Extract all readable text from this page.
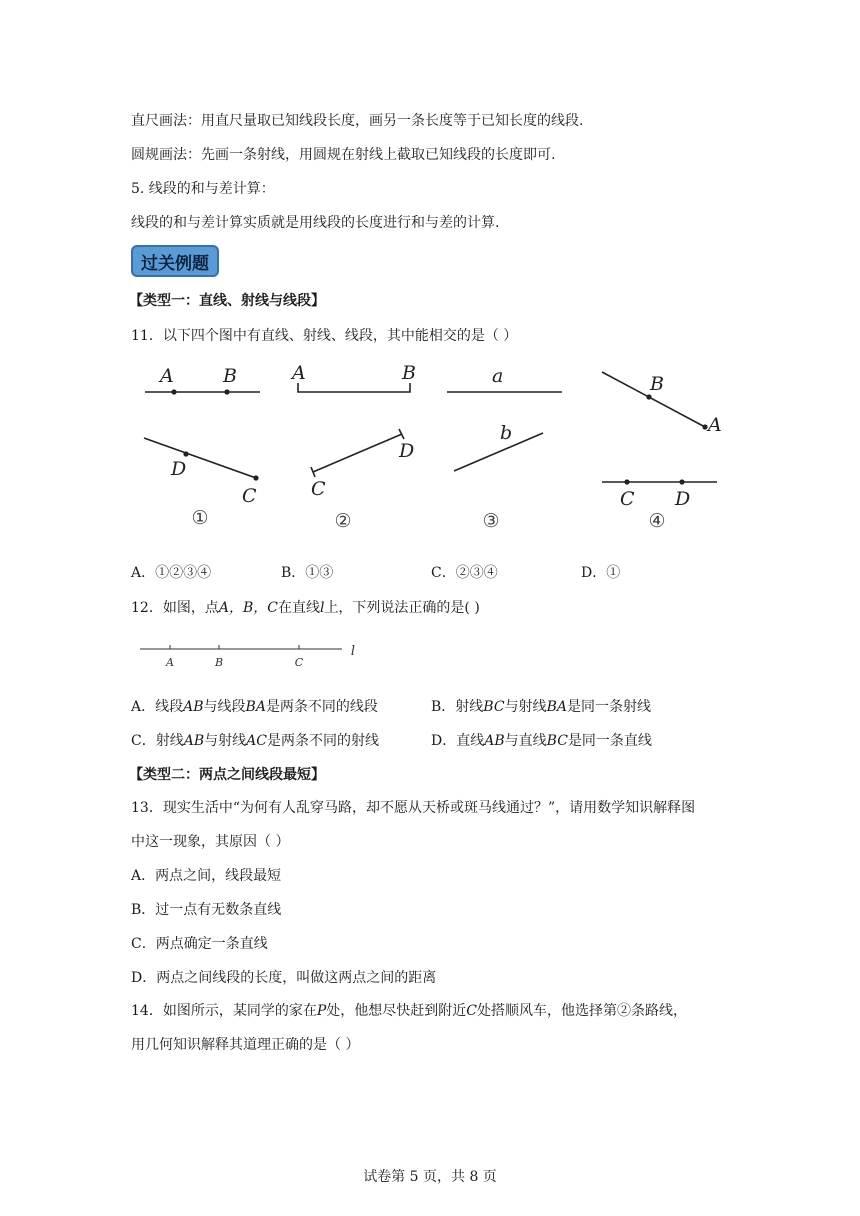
直尺画法：用直尺量取已知线段长度，画另一条长度等于已知长度的线段.
圆规画法：先画一条射线，用圆规在射线上截取已知线段的长度即可.
5. 线段的和与差计算：
线段的和与差计算实质就是用线段的长度进行和与差的计算.
过关例题
【类型一：直线、射线与线段】
11．以下四个图中有直线、射线、线段，其中能相交的是（ ）
A	B
D
C
A	B
D
C
a
b
B
A
C D
①	②	③	④
A．①②③④	B．①③	C．②③④	D．①
12．如图，点A，B，C在直线l上，下列说法正确的是( )
A	B	C
l
A．线段AB与线段BA是两条不同的线段	B．射线BC与射线BA是同一条射线
C．射线AB与射线AC是两条不同的射线	D．直线AB与直线BC是同一条直线
【类型二：两点之间线段最短】
13．现实生活中“为何有人乱穿马路，却不愿从天桥或斑马线通过？”，请用数学知识解释图
中这一现象，其原因（ ）
A．两点之间，线段最短
B．过一点有无数条直线
C．两点确定一条直线
D．两点之间线段的长度，叫做这两点之间的距离
14．如图所示，某同学的家在P处，他想尽快赶到附近C处搭顺风车，他选择第②条路线，
用几何知识解释其道理正确的是（ ）
试卷第 5 页，共 8 页
